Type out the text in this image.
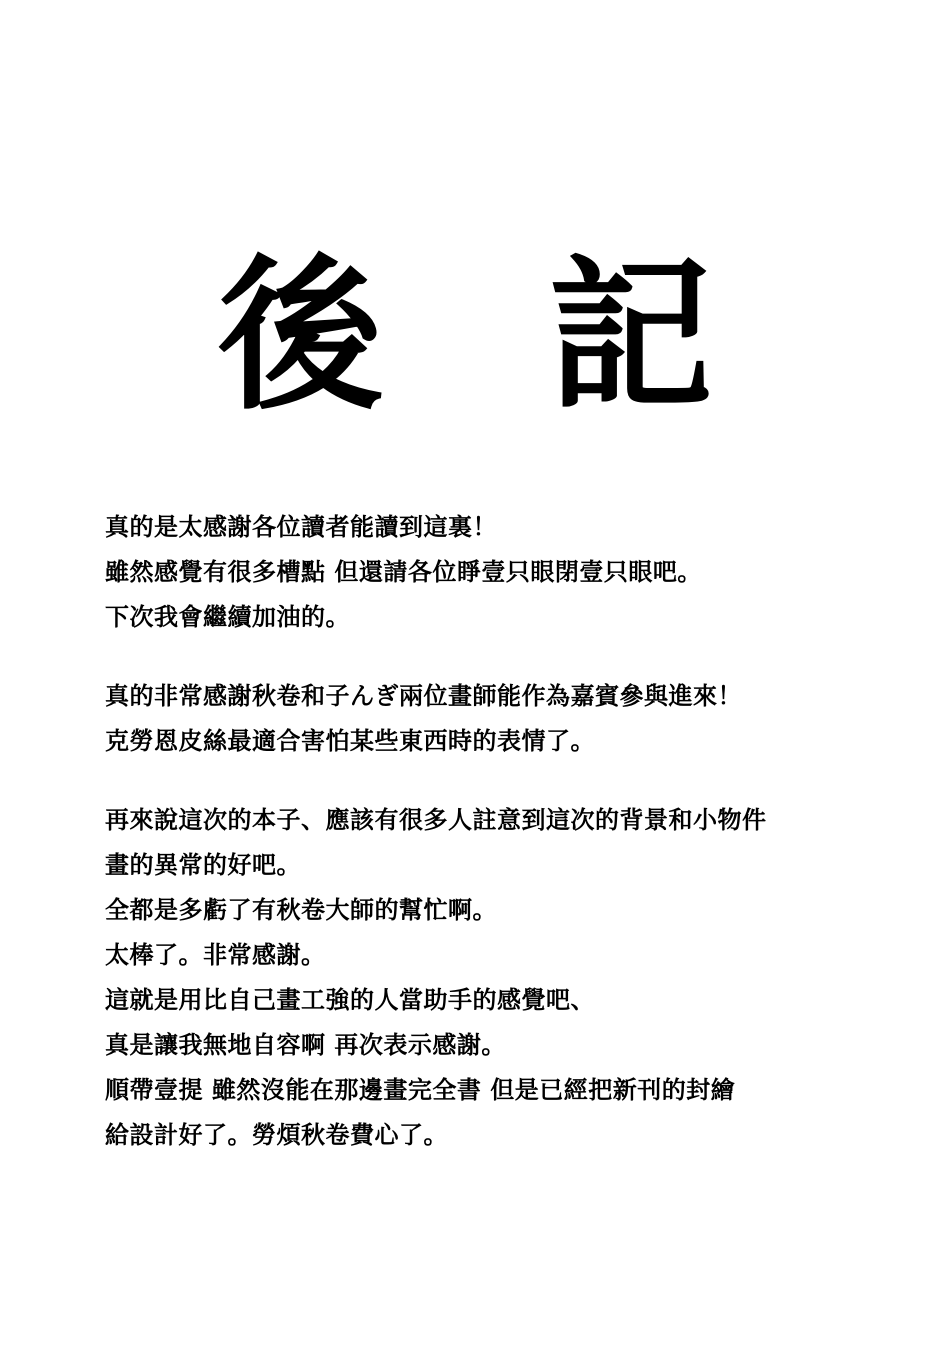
後 記
真的是太感謝各位讀者能讀到這裏！
雖然感覺有很多槽點 但還請各位睜壹只眼閉壹只眼吧。
下次我會繼續加油的。
真的非常感謝秋卷和子んぎ兩位畫師能作為嘉賓參與進來！
克勞恩皮絲最適合害怕某些東西時的表情了。
再來說這次的本子、應該有很多人註意到這次的背景和小物件
畫的異常的好吧。
全都是多虧了有秋卷大師的幫忙啊。
太棒了。非常感謝。
這就是用比自己畫工強的人當助手的感覺吧、
真是讓我無地自容啊 再次表示感謝。
順帶壹提 雖然沒能在那邊畫完全書 但是已經把新刊的封繪
給設計好了。勞煩秋卷費心了。
